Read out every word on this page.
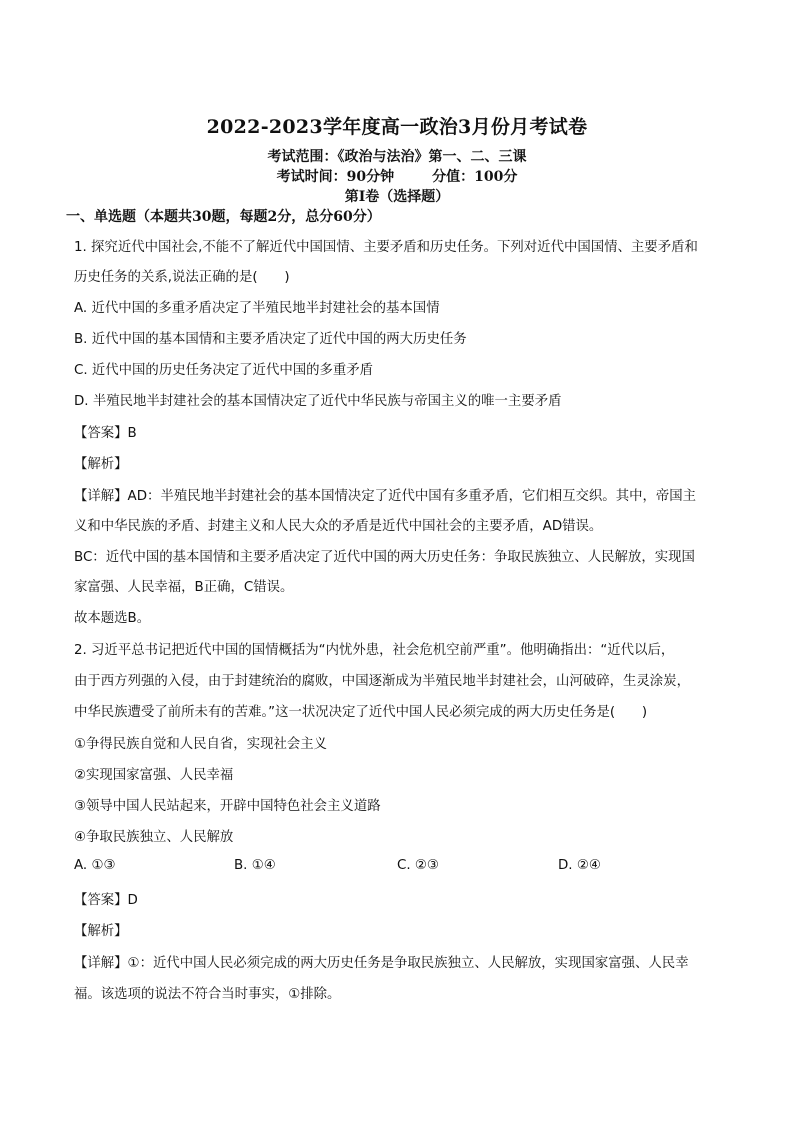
2022-2023学年度高一政治3月份月考试卷
考试范围：《政治与法治》第一、二、三课
考试时间：90分钟	分值：100分
第I卷（选择题）
一、单选题（本题共30题，每题2分，总分60分）
1. 探究近代中国社会,不能不了解近代中国国情、主要矛盾和历史任务。下列对近代中国国情、主要矛盾和
历史任务的关系,说法正确的是(　　)
A. 近代中国的多重矛盾决定了半殖民地半封建社会的基本国情
B. 近代中国的基本国情和主要矛盾决定了近代中国的两大历史任务
C. 近代中国的历史任务决定了近代中国的多重矛盾
D. 半殖民地半封建社会的基本国情决定了近代中华民族与帝国主义的唯一主要矛盾
【答案】B
【解析】
【详解】AD：半殖民地半封建社会的基本国情决定了近代中国有多重矛盾，它们相互交织。其中，帝国主
义和中华民族的矛盾、封建主义和人民大众的矛盾是近代中国社会的主要矛盾，AD错误。
BC：近代中国的基本国情和主要矛盾决定了近代中国的两大历史任务：争取民族独立、人民解放，实现国
家富强、人民幸福，B正确，C错误。
故本题选B。
2. 习近平总书记把近代中国的国情概括为“内忧外患，社会危机空前严重”。他明确指出：“近代以后，
由于西方列强的入侵，由于封建统治的腐败，中国逐渐成为半殖民地半封建社会，山河破碎，生灵涂炭，
中华民族遭受了前所未有的苦难。”这一状况决定了近代中国人民必须完成的两大历史任务是(　　)
①争得民族自觉和人民自省，实现社会主义
②实现国家富强、人民幸福
③领导中国人民站起来，开辟中国特色社会主义道路
④争取民族独立、人民解放
A. ①③	B. ①④	C. ②③	D. ②④
【答案】D
【解析】
【详解】①：近代中国人民必须完成的两大历史任务是争取民族独立、人民解放，实现国家富强、人民幸
福。该选项的说法不符合当时事实，①排除。
